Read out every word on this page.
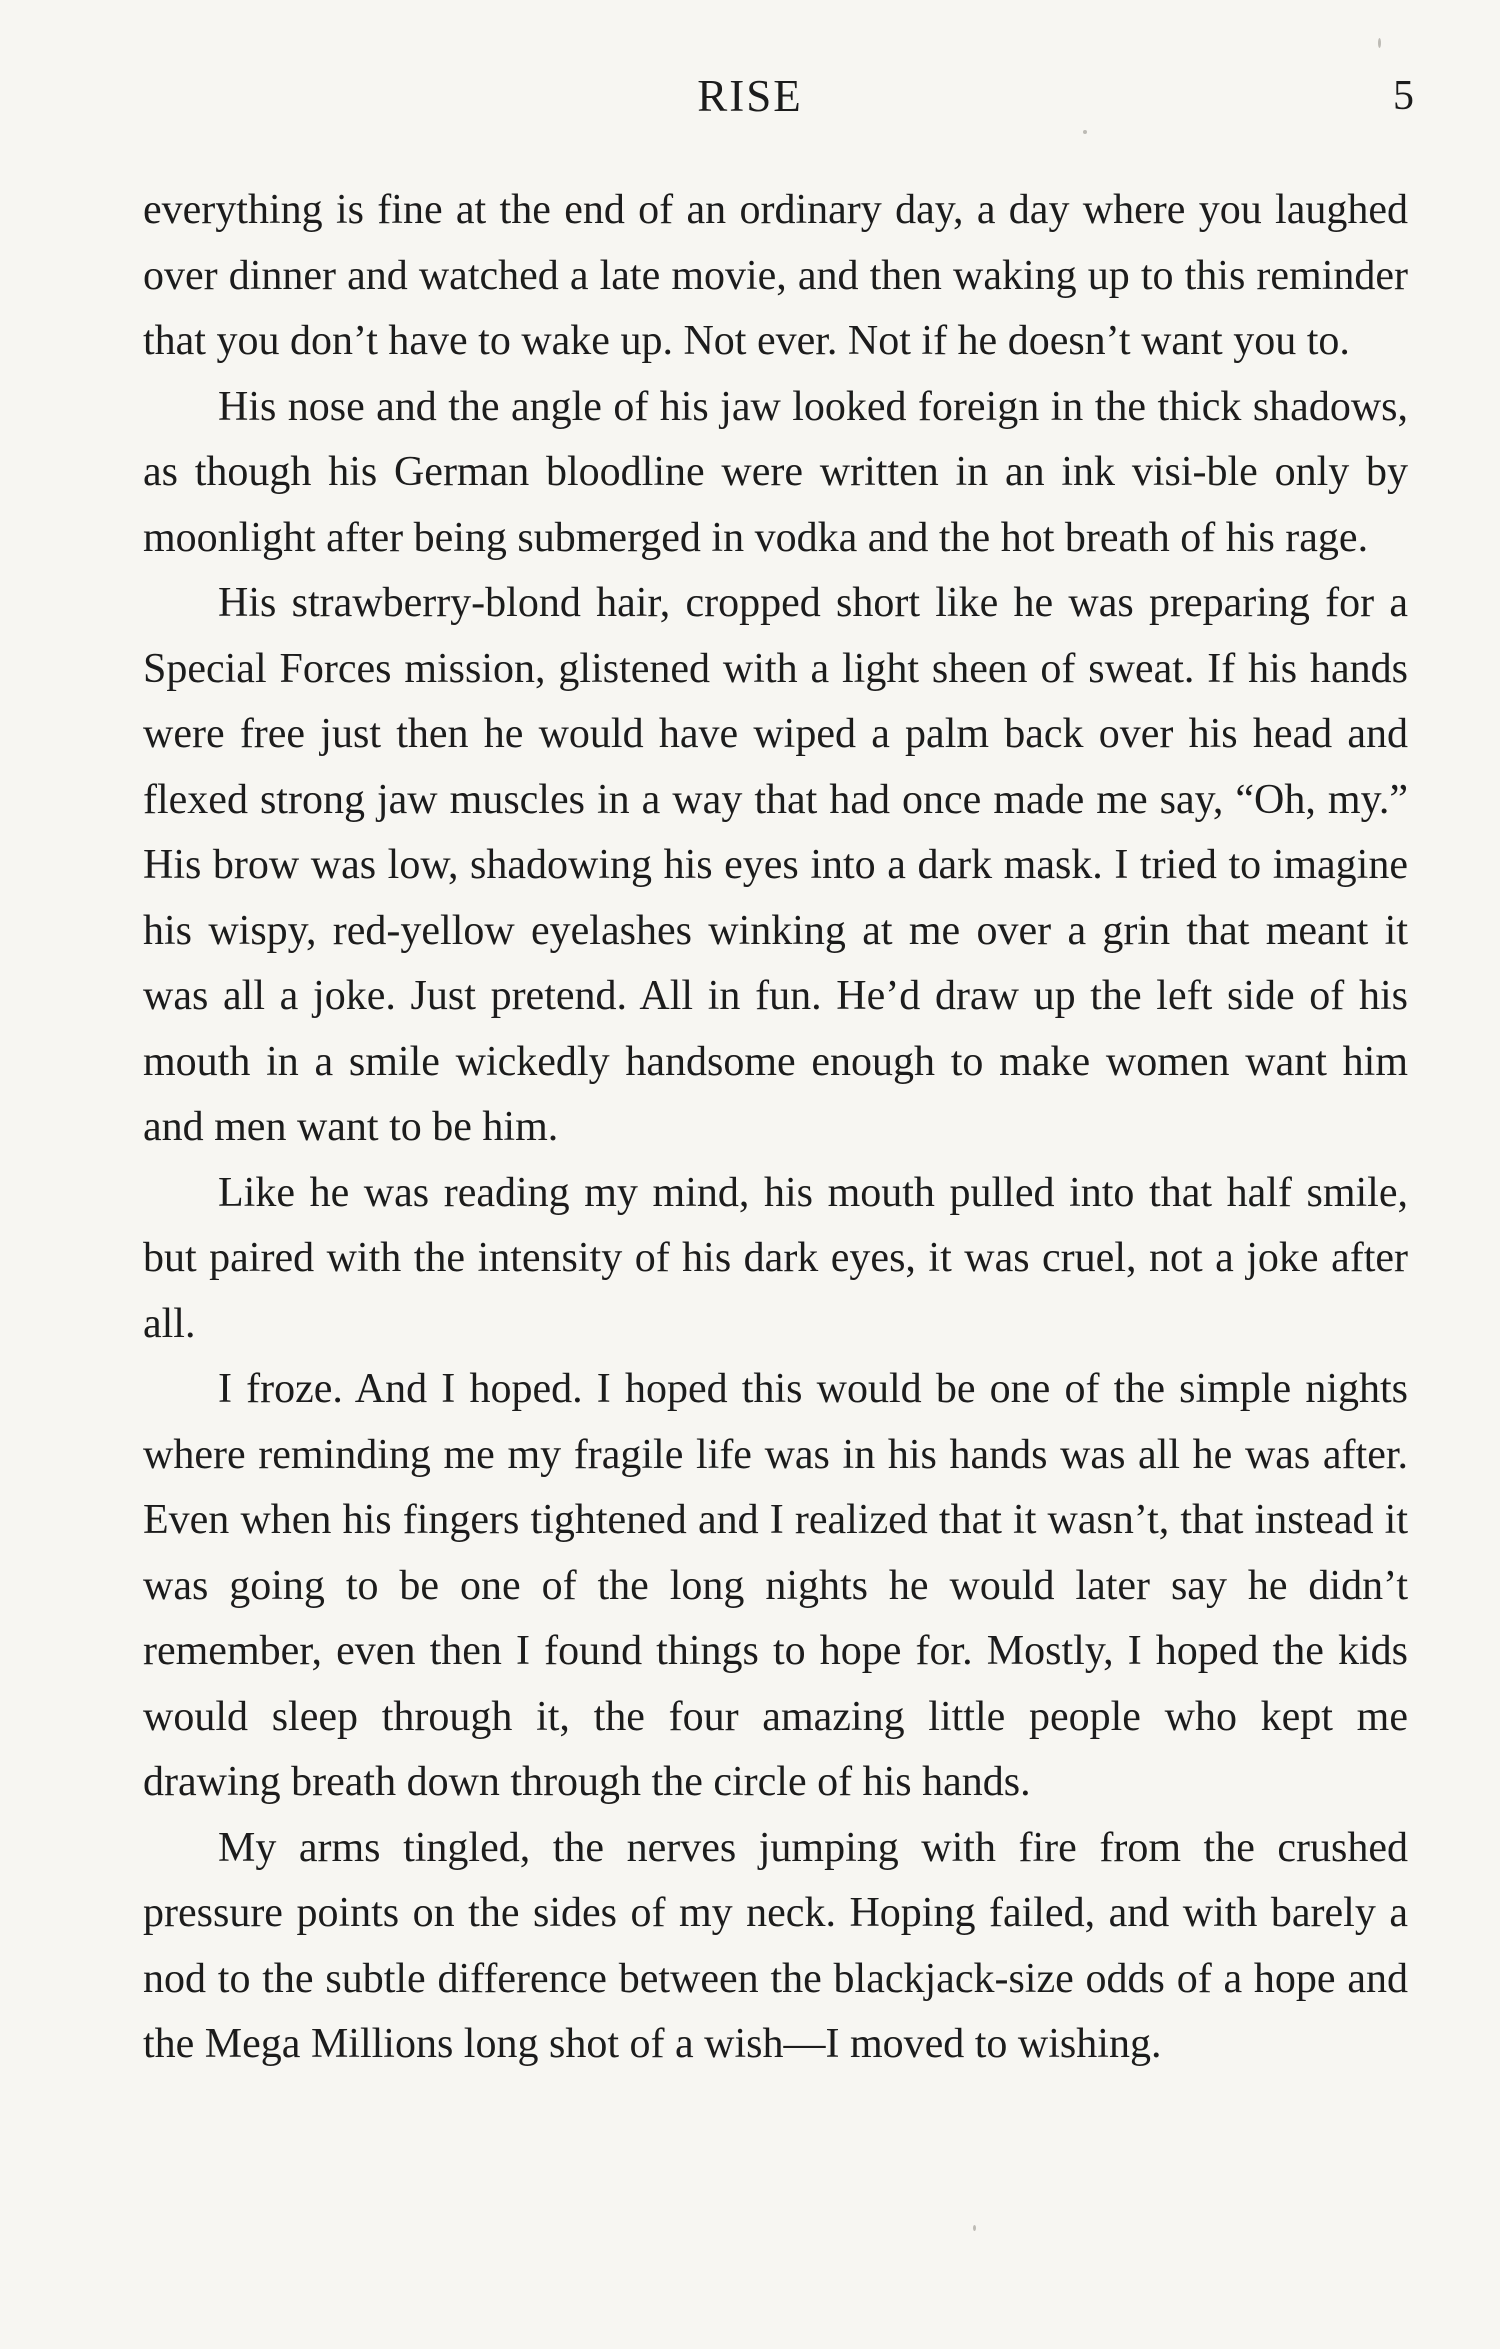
RISE	5

everything is fine at the end of an ordinary day, a day where you laughed over dinner and watched a late movie, and then waking up to this reminder that you don’t have to wake up. Not ever. Not if he doesn’t want you to.

His nose and the angle of his jaw looked foreign in the thick shadows, as though his German bloodline were written in an ink visi-ble only by moonlight after being submerged in vodka and the hot breath of his rage.

His strawberry-blond hair, cropped short like he was preparing for a Special Forces mission, glistened with a light sheen of sweat. If his hands were free just then he would have wiped a palm back over his head and flexed strong jaw muscles in a way that had once made me say, “Oh, my.” His brow was low, shadowing his eyes into a dark mask. I tried to imagine his wispy, red-yellow eyelashes winking at me over a grin that meant it was all a joke. Just pretend. All in fun. He’d draw up the left side of his mouth in a smile wickedly handsome enough to make women want him and men want to be him.

Like he was reading my mind, his mouth pulled into that half smile, but paired with the intensity of his dark eyes, it was cruel, not a joke after all.

I froze. And I hoped. I hoped this would be one of the simple nights where reminding me my fragile life was in his hands was all he was after. Even when his fingers tightened and I realized that it wasn’t, that instead it was going to be one of the long nights he would later say he didn’t remember, even then I found things to hope for. Mostly, I hoped the kids would sleep through it, the four amazing little people who kept me drawing breath down through the circle of his hands.

My arms tingled, the nerves jumping with fire from the crushed pressure points on the sides of my neck. Hoping failed, and with barely a nod to the subtle difference between the blackjack-size odds of a hope and the Mega Millions long shot of a wish—I moved to wishing.
